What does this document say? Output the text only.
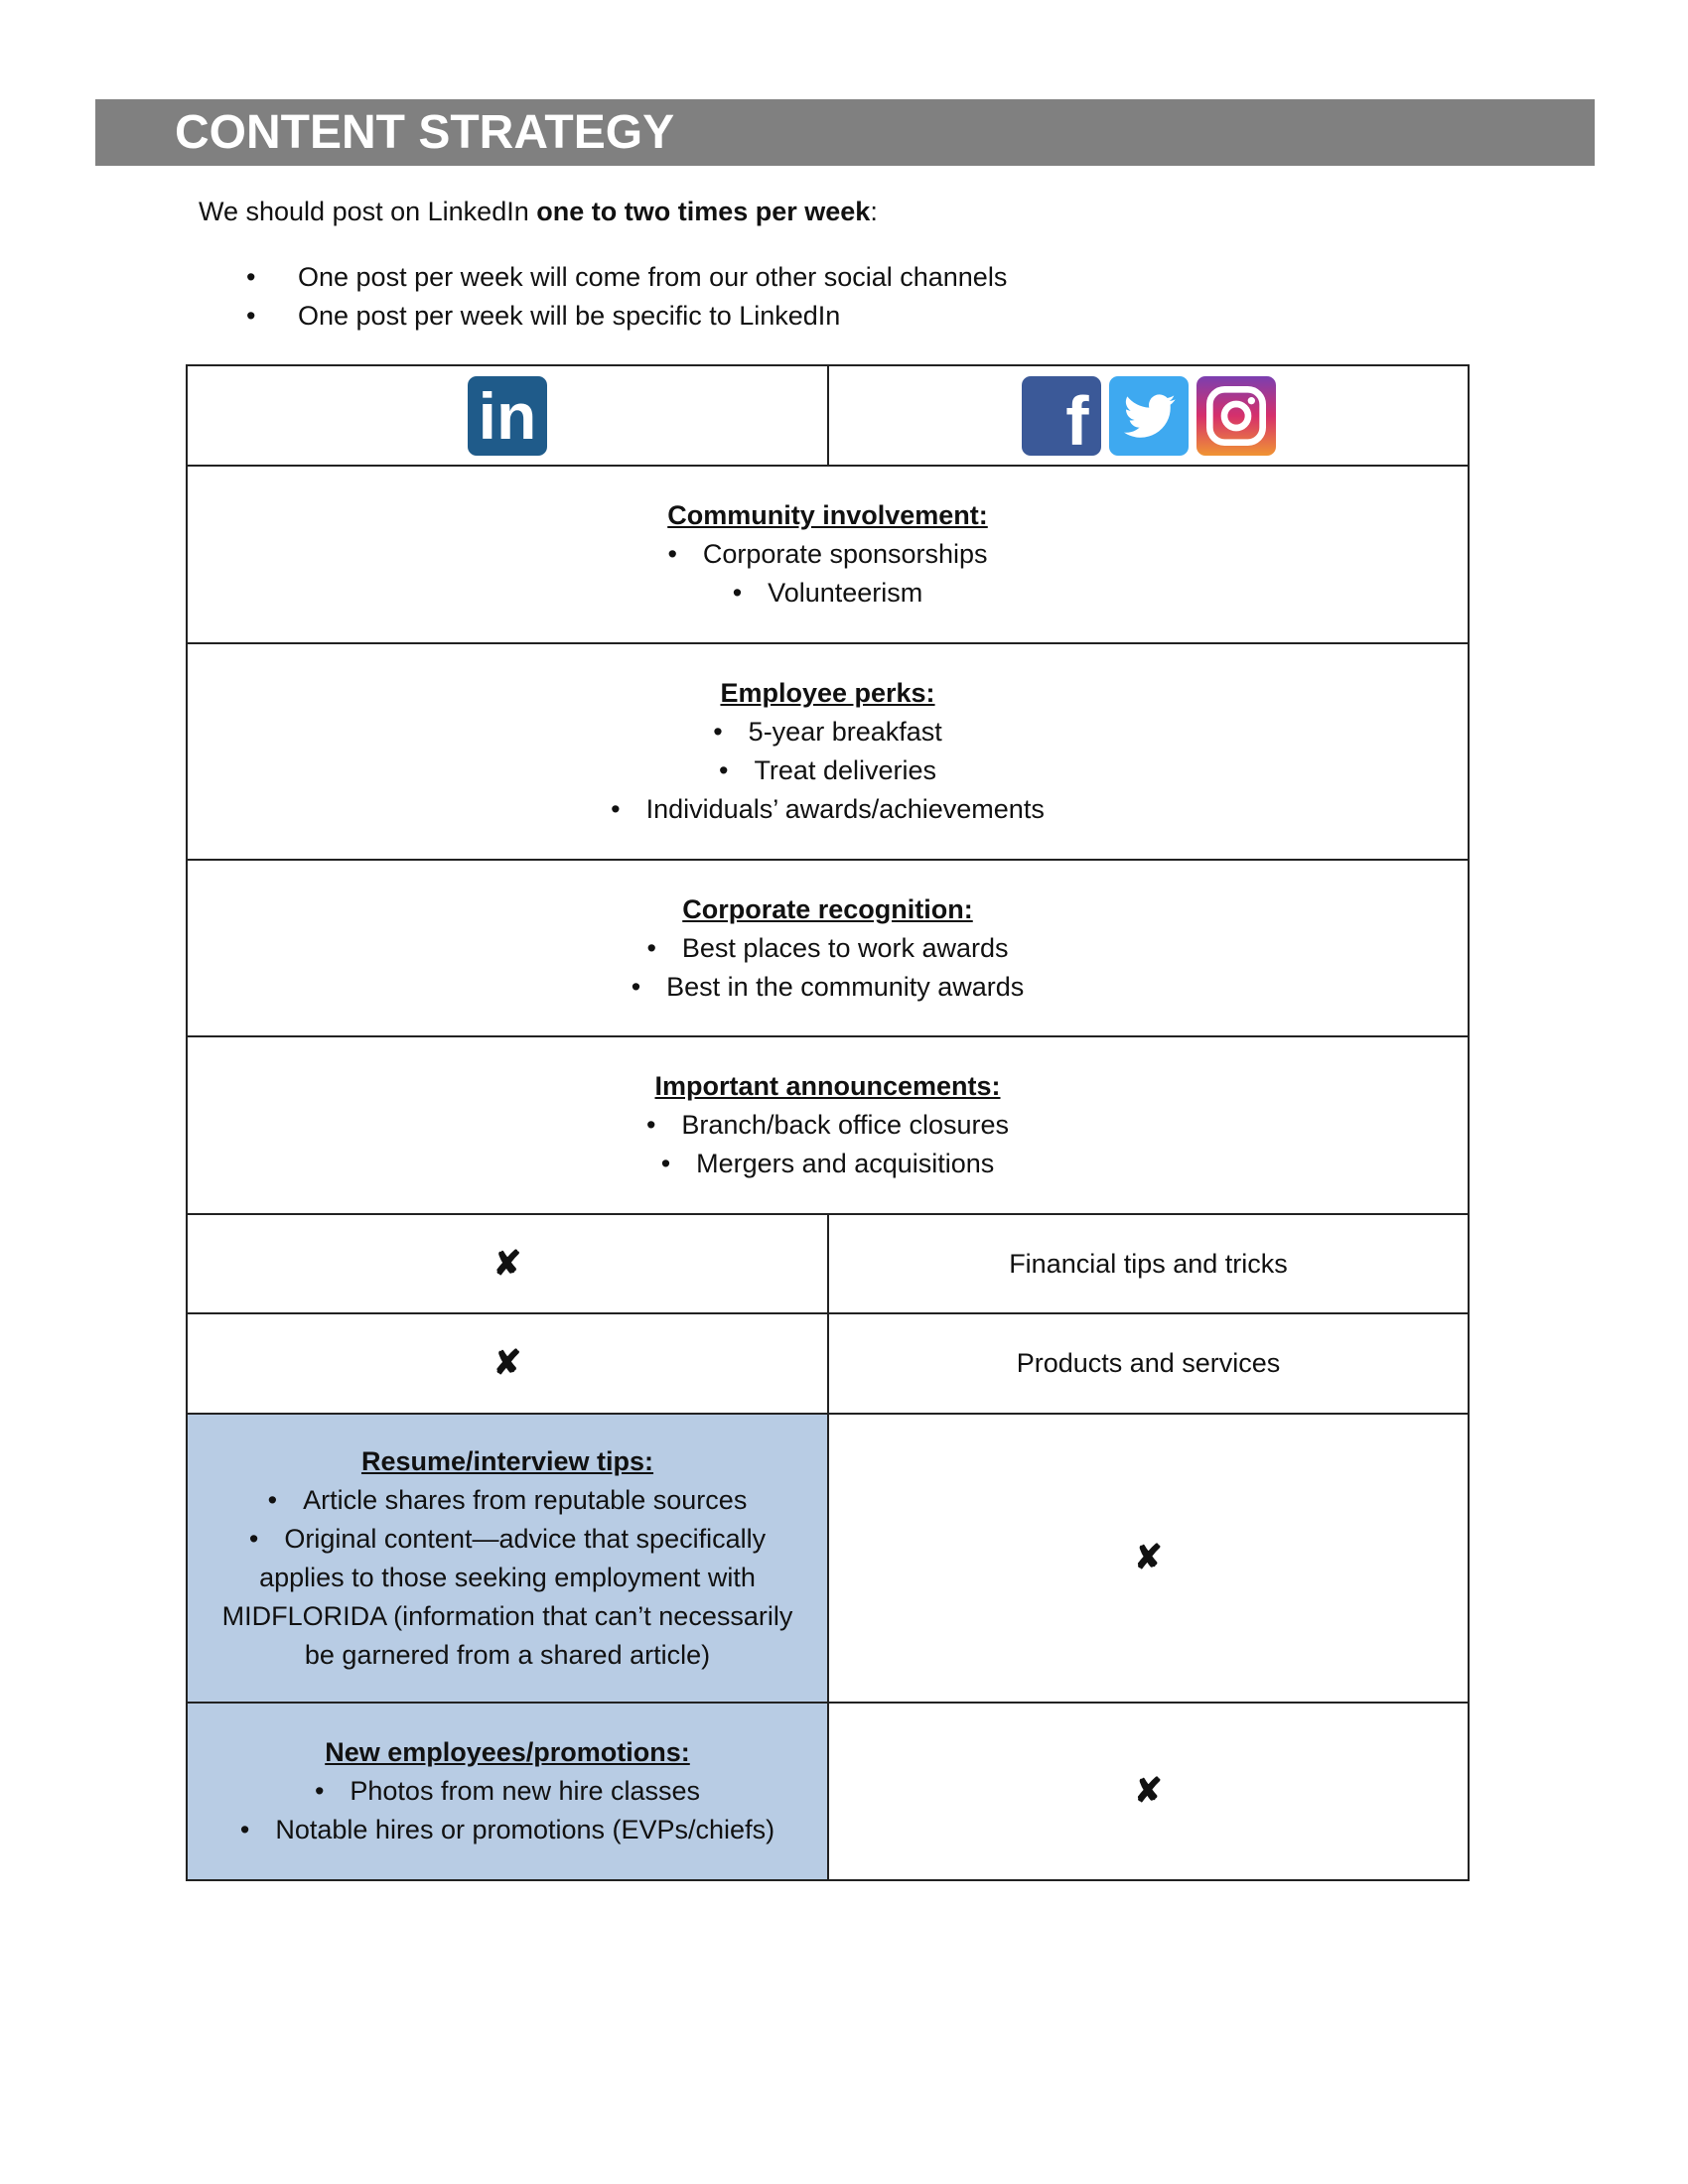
CONTENT STRATEGY
We should post on LinkedIn one to two times per week:
• One post per week will come from our other social channels
• One post per week will be specific to LinkedIn
in	f

Community involvement:
• Corporate sponsorships
• Volunteerism

Employee perks:
• 5-year breakfast
• Treat deliveries
• Individuals’ awards/achievements

Corporate recognition:
• Best places to work awards
• Best in the community awards

Important announcements:
• Branch/back office closures
• Mergers and acquisitions

✘	Financial tips and tricks
✘	Products and services

Resume/interview tips:
• Article shares from reputable sources
• Original content—advice that specifically applies to those seeking employment with MIDFLORIDA (information that can’t necessarily be garnered from a shared article)	✘

New employees/promotions:
• Photos from new hire classes
• Notable hires or promotions (EVPs/chiefs)	✘
